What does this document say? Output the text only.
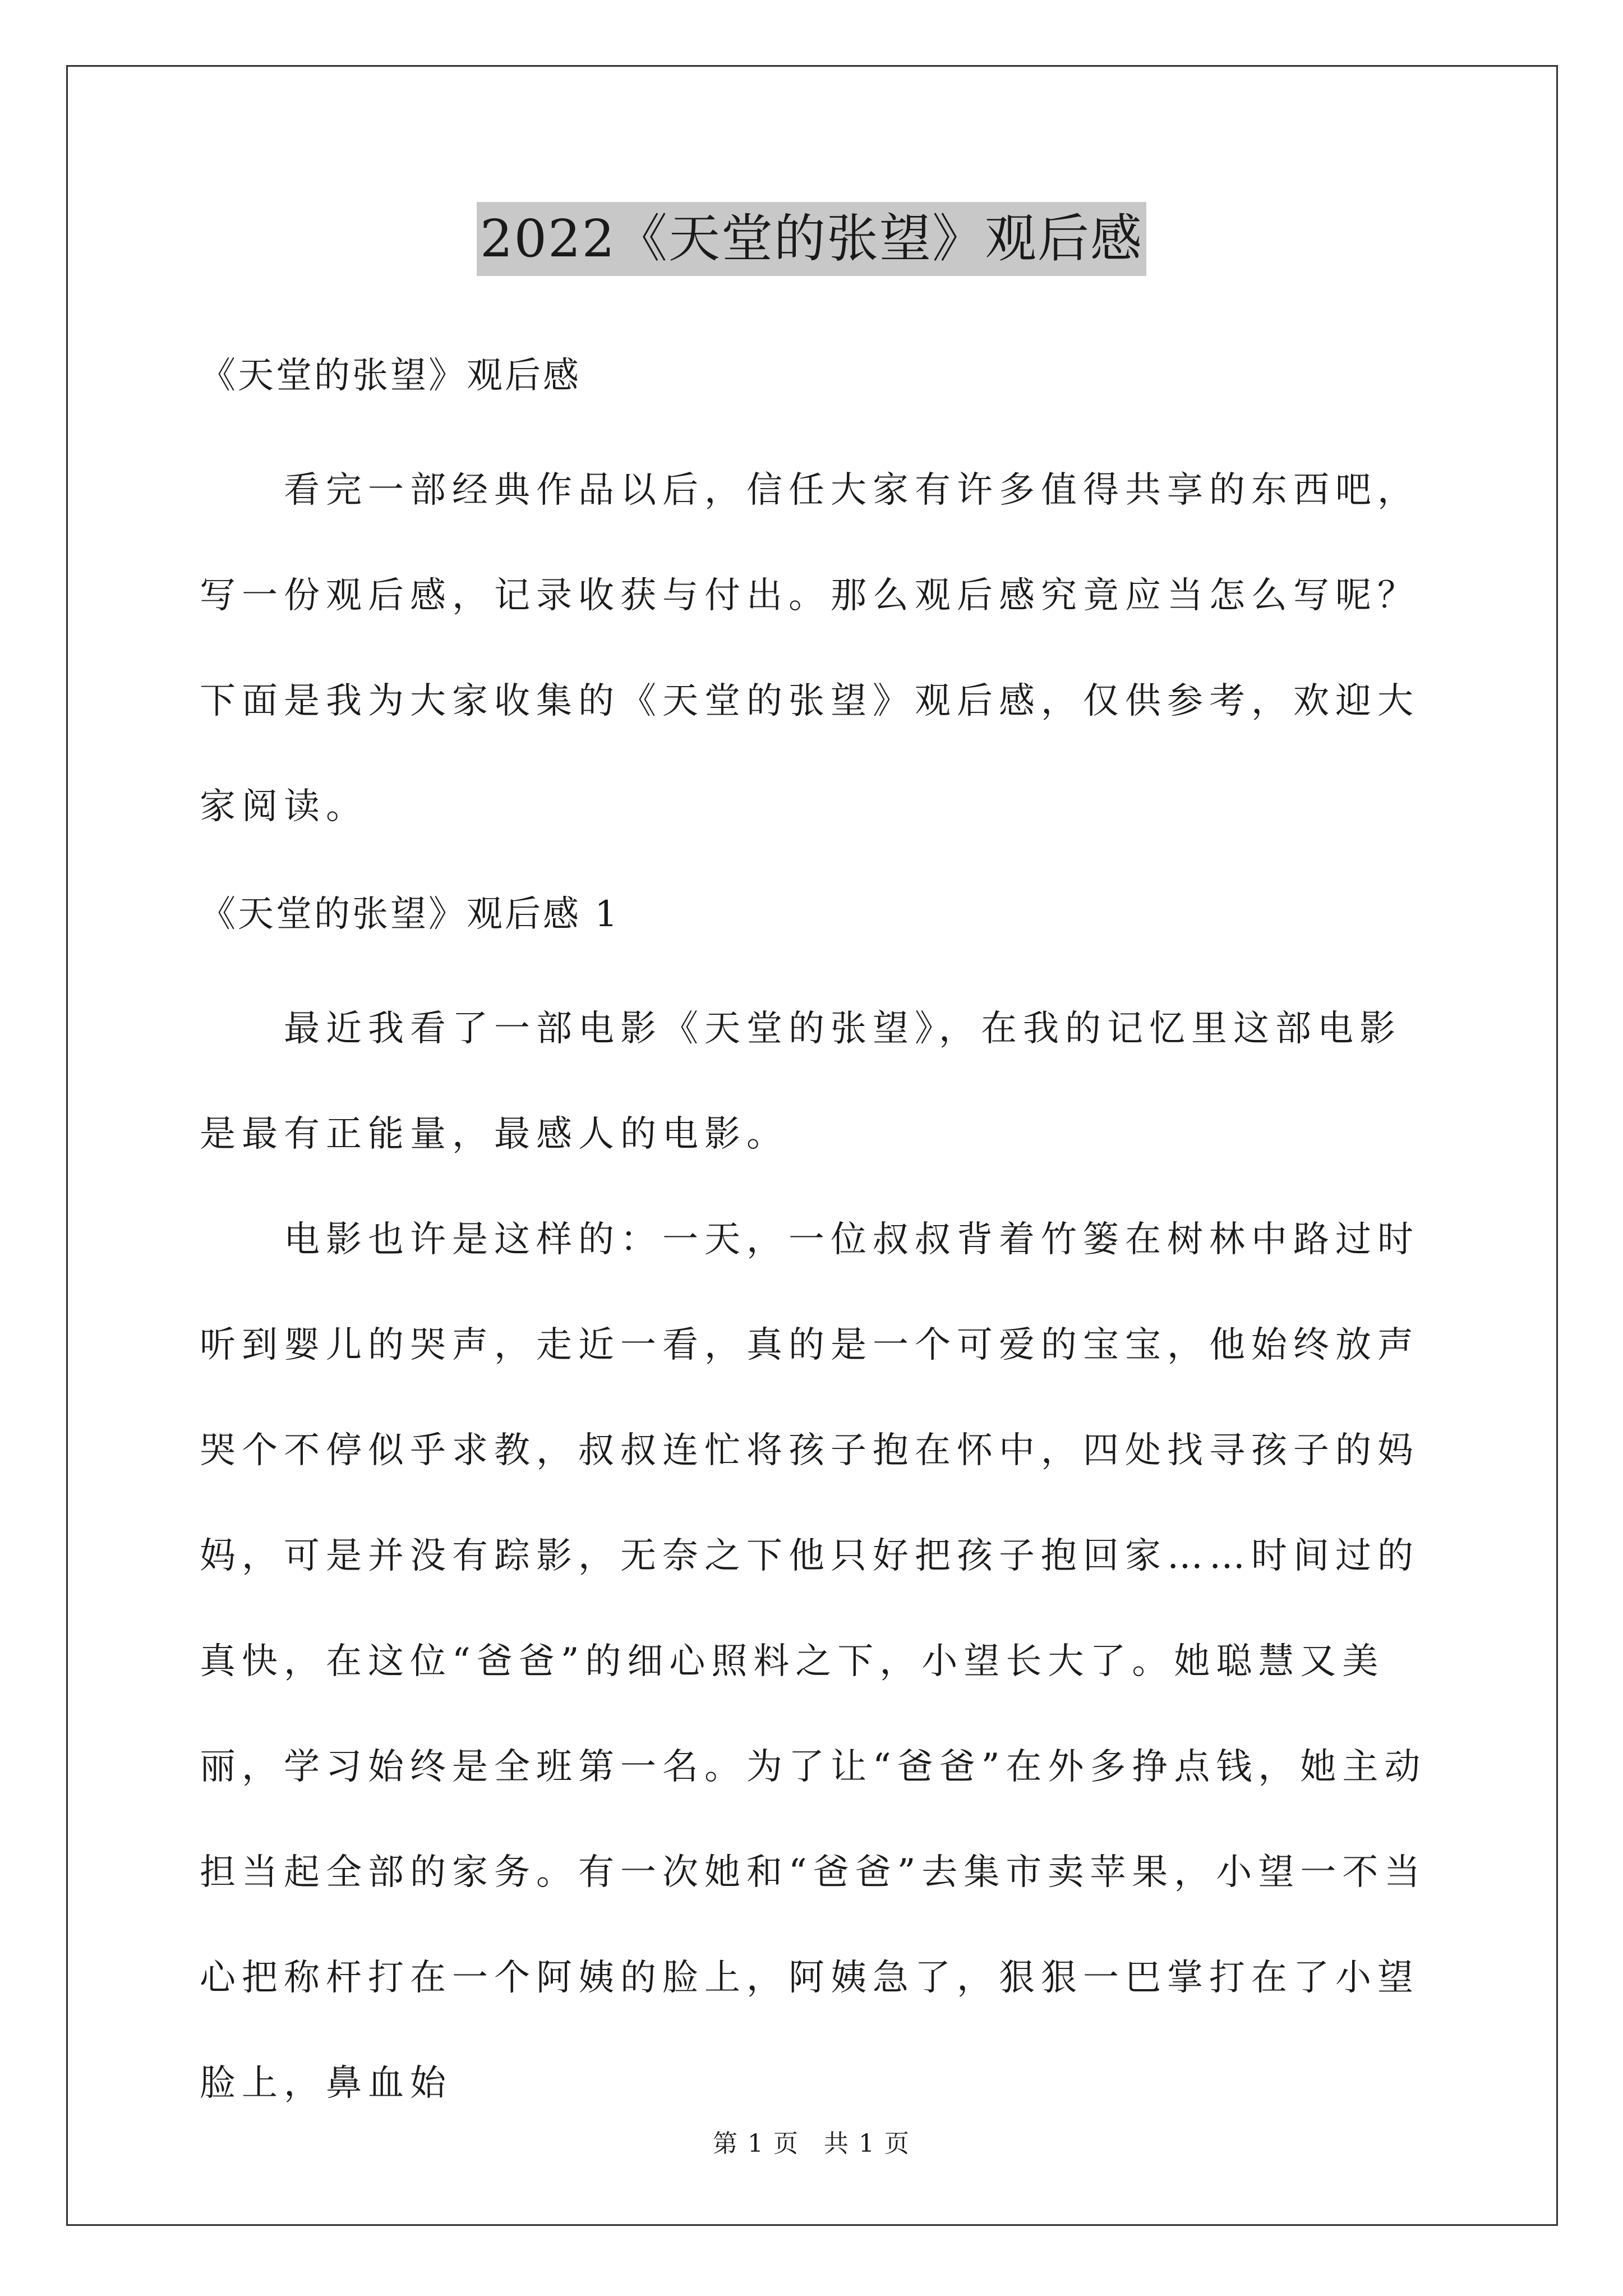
2022《天堂的张望》观后感
《天堂的张望》观后感

看完一部经典作品以后，信任大家有许多值得共享的东西吧，写一份观后感，记录收获与付出。那么观后感究竟应当怎么写呢？下面是我为大家收集的《天堂的张望》观后感，仅供参考，欢迎大家阅读。

《天堂的张望》观后感 1

最近我看了一部电影《天堂的张望》，在我的记忆里这部电影是最有正能量，最感人的电影。

电影也许是这样的：一天，一位叔叔背着竹篓在树林中路过时听到婴儿的哭声，走近一看，真的是一个可爱的宝宝，他始终放声哭个不停似乎求教，叔叔连忙将孩子抱在怀中，四处找寻孩子的妈妈，可是并没有踪影，无奈之下他只好把孩子抱回家……时间过的真快，在这位“爸爸”的细心照料之下，小望长大了。她聪慧又美丽，学习始终是全班第一名。为了让“爸爸”在外多挣点钱，她主动担当起全部的家务。有一次她和“爸爸”去集市卖苹果，小望一不当心把称杆打在一个阿姨的脸上，阿姨急了，狠狠一巴掌打在了小望脸上，鼻血始

第 1 页 共 1 页
